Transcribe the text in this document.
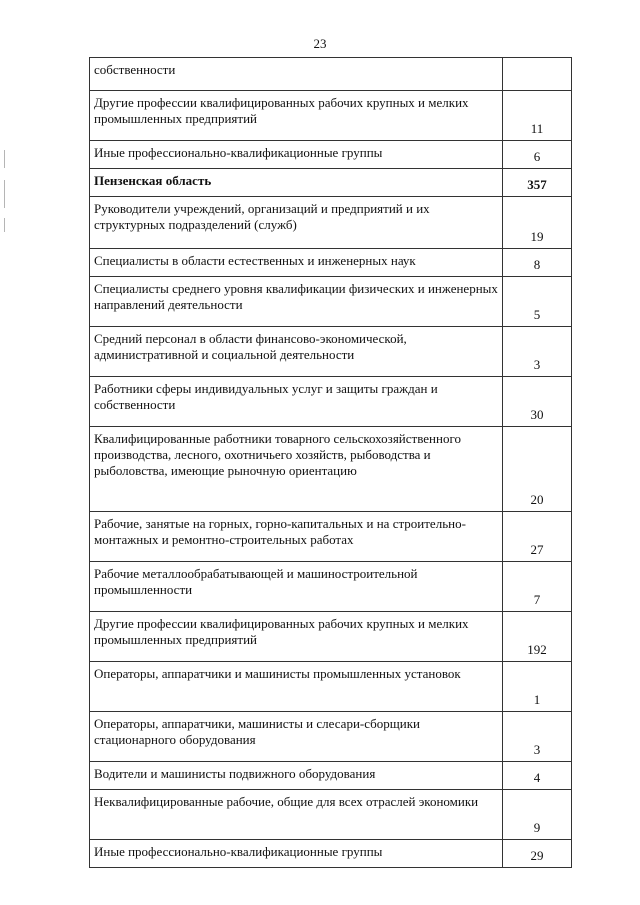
23
собственности	
Другие профессии квалифицированных рабочих крупных и мелких промышленных предприятий	11
Иные профессионально-квалификационные группы	6
Пензенская область	357
Руководители учреждений, организаций и предприятий и их структурных подразделений (служб)	19
Специалисты в области естественных и инженерных наук	8
Специалисты среднего уровня квалификации физических и инженерных направлений деятельности	5
Средний персонал в области финансово-экономической, административной и социальной деятельности	3
Работники сферы индивидуальных услуг и защиты граждан и собственности	30
Квалифицированные работники товарного сельскохозяйственного производства, лесного, охотничьего хозяйств, рыбоводства и рыболовства, имеющие рыночную ориентацию	20
Рабочие, занятые на горных, горно-капитальных и на строительно-монтажных и ремонтно-строительных работах	27
Рабочие металлообрабатывающей и машиностроительной промышленности	7
Другие профессии квалифицированных рабочих крупных и мелких промышленных предприятий	192
Операторы, аппаратчики и машинисты промышленных установок	1
Операторы, аппаратчики, машинисты и слесари-сборщики стационарного оборудования	3
Водители и машинисты подвижного оборудования	4
Неквалифицированные рабочие, общие для всех отраслей экономики	9
Иные профессионально-квалификационные группы	29
